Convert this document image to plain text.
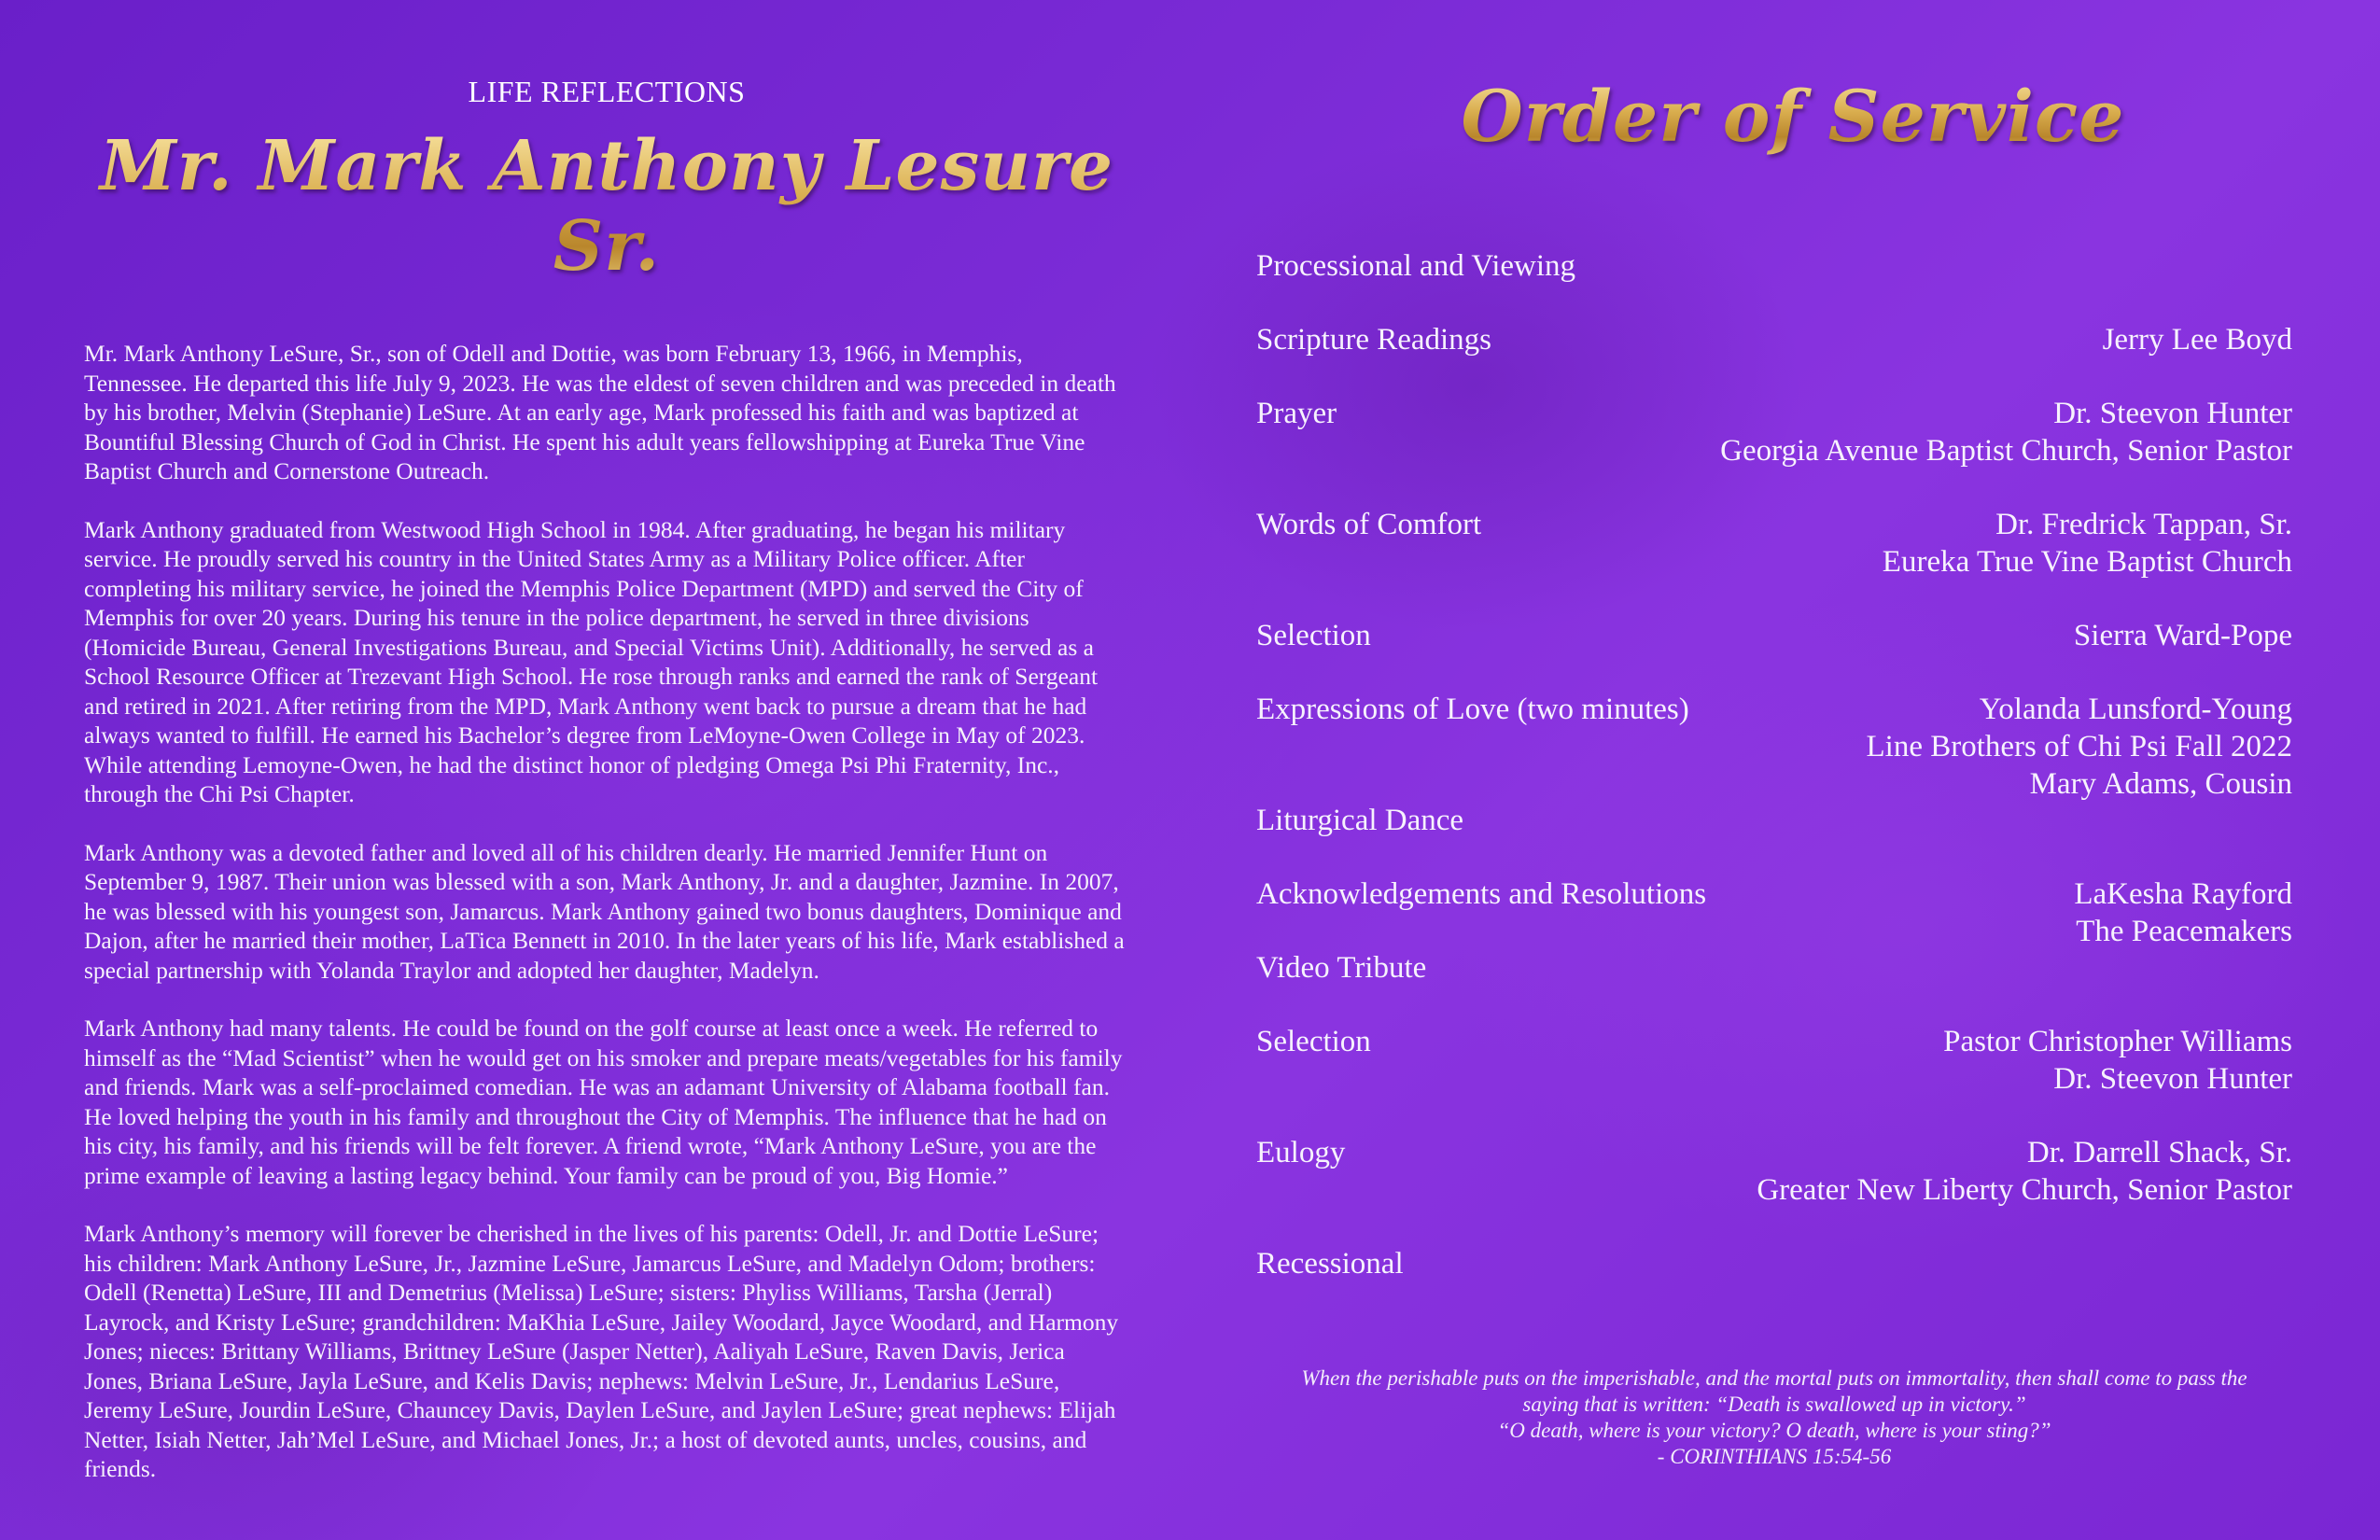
LIFE REFLECTIONS

Mr. Mark Anthony Lesure Sr.

Mr. Mark Anthony LeSure, Sr., son of Odell and Dottie, was born February 13, 1966, in Memphis, Tennessee. He departed this life July 9, 2023. He was the eldest of seven children and was preceded in death by his brother, Melvin (Stephanie) LeSure. At an early age, Mark professed his faith and was baptized at Bountiful Blessing Church of God in Christ. He spent his adult years fellowshipping at Eureka True Vine Baptist Church and Cornerstone Outreach.

Mark Anthony graduated from Westwood High School in 1984. After graduating, he began his military service. He proudly served his country in the United States Army as a Military Police officer. After completing his military service, he joined the Memphis Police Department (MPD) and served the City of Memphis for over 20 years. During his tenure in the police department, he served in three divisions (Homicide Bureau, General Investigations Bureau, and Special Victims Unit). Additionally, he served as a School Resource Officer at Trezevant High School. He rose through ranks and earned the rank of Sergeant and retired in 2021. After retiring from the MPD, Mark Anthony went back to pursue a dream that he had always wanted to fulfill. He earned his Bachelor’s degree from LeMoyne-Owen College in May of 2023. While attending Lemoyne-Owen, he had the distinct honor of pledging Omega Psi Phi Fraternity, Inc., through the Chi Psi Chapter.

Mark Anthony was a devoted father and loved all of his children dearly. He married Jennifer Hunt on September 9, 1987. Their union was blessed with a son, Mark Anthony, Jr. and a daughter, Jazmine. In 2007, he was blessed with his youngest son, Jamarcus. Mark Anthony gained two bonus daughters, Dominique and Dajon, after he married their mother, LaTica Bennett in 2010. In the later years of his life, Mark established a special partnership with Yolanda Traylor and adopted her daughter, Madelyn.

Mark Anthony had many talents. He could be found on the golf course at least once a week. He referred to himself as the “Mad Scientist” when he would get on his smoker and prepare meats/vegetables for his family and friends. Mark was a self-proclaimed comedian. He was an adamant University of Alabama football fan. He loved helping the youth in his family and throughout the City of Memphis. The influence that he had on his city, his family, and his friends will be felt forever. A friend wrote, “Mark Anthony LeSure, you are the prime example of leaving a lasting legacy behind. Your family can be proud of you, Big Homie.”

Mark Anthony’s memory will forever be cherished in the lives of his parents: Odell, Jr. and Dottie LeSure; his children: Mark Anthony LeSure, Jr., Jazmine LeSure, Jamarcus LeSure, and Madelyn Odom; brothers: Odell (Renetta) LeSure, III and Demetrius (Melissa) LeSure; sisters: Phyliss Williams, Tarsha (Jerral) Layrock, and Kristy LeSure; grandchildren: MaKhia LeSure, Jailey Woodard, Jayce Woodard, and Harmony Jones; nieces: Brittany Williams, Brittney LeSure (Jasper Netter), Aaliyah LeSure, Raven Davis, Jerica Jones, Briana LeSure, Jayla LeSure, and Kelis Davis; nephews: Melvin LeSure, Jr., Lendarius LeSure, Jeremy LeSure, Jourdin LeSure, Chauncey Davis, Daylen LeSure, and Jaylen LeSure; great nephews: Elijah Netter, Isiah Netter, Jah’Mel LeSure, and Michael Jones, Jr.; a host of devoted aunts, uncles, cousins, and friends.

Order of Service
Processional and Viewing
Scripture Readings	Jerry Lee Boyd
Prayer	Dr. Steevon Hunter
Georgia Avenue Baptist Church, Senior Pastor
Words of Comfort	Dr. Fredrick Tappan, Sr.
Eureka True Vine Baptist Church
Selection	Sierra Ward-Pope
Expressions of Love (two minutes)	Yolanda Lunsford-Young
Line Brothers of Chi Psi Fall 2022
Mary Adams, Cousin
Liturgical Dance
Acknowledgements and Resolutions	LaKesha Rayford
The Peacemakers
Video Tribute
Selection	Pastor Christopher Williams
Dr. Steevon Hunter
Eulogy	Dr. Darrell Shack, Sr.
Greater New Liberty Church, Senior Pastor
Recessional
When the perishable puts on the imperishable, and the mortal puts on immortality, then shall come to pass the
saying that is written: “Death is swallowed up in victory.”
“O death, where is your victory? O death, where is your sting?”
- CORINTHIANS 15:54-56
